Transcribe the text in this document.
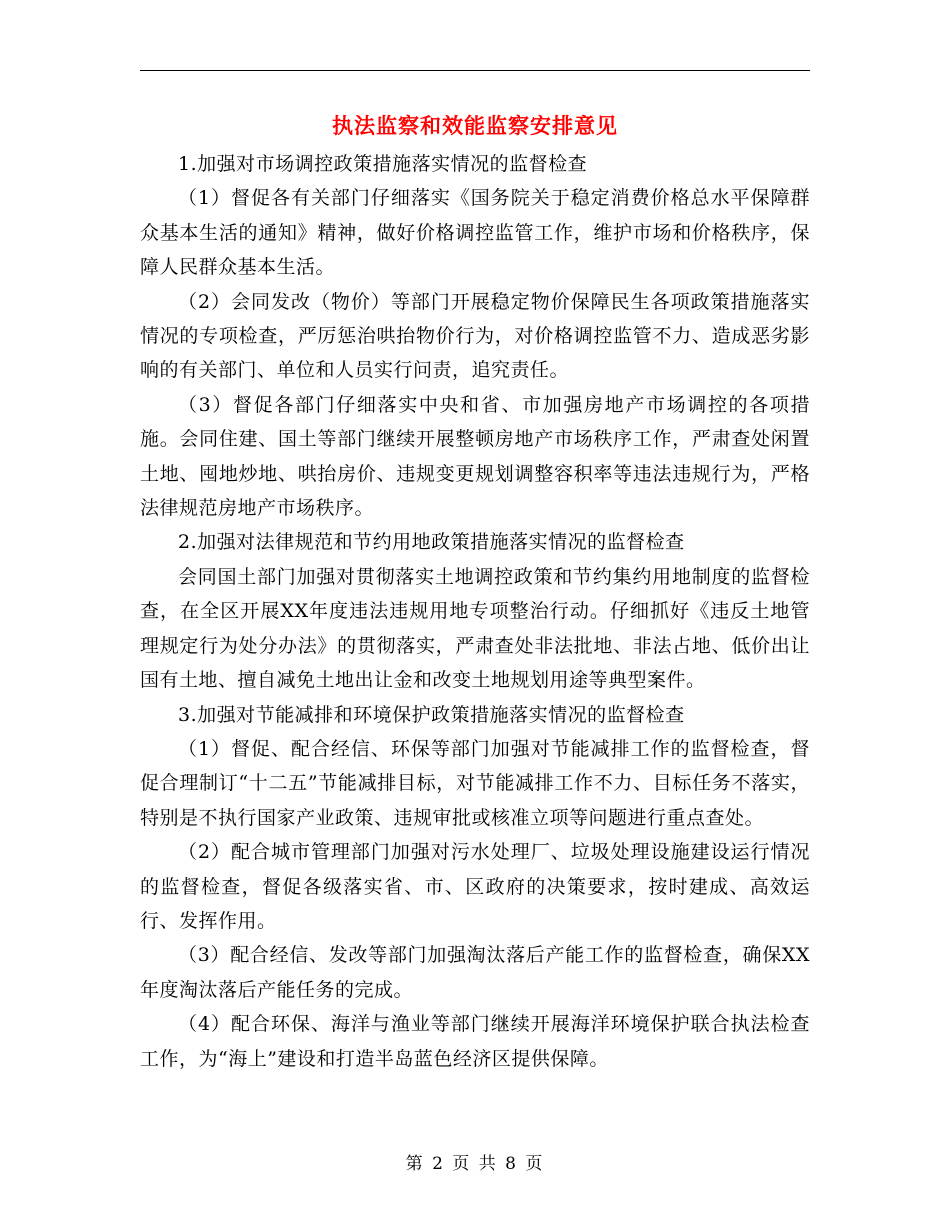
执法监察和效能监察安排意见

1.加强对市场调控政策措施落实情况的监督检查

（1）督促各有关部门仔细落实《国务院关于稳定消费价格总水平保障群众基本生活的通知》精神，做好价格调控监管工作，维护市场和价格秩序，保障人民群众基本生活。

（2）会同发改（物价）等部门开展稳定物价保障民生各项政策措施落实情况的专项检查，严厉惩治哄抬物价行为，对价格调控监管不力、造成恶劣影响的有关部门、单位和人员实行问责，追究责任。

（3）督促各部门仔细落实中央和省、市加强房地产市场调控的各项措施。会同住建、国土等部门继续开展整顿房地产市场秩序工作，严肃查处闲置土地、囤地炒地、哄抬房价、违规变更规划调整容积率等违法违规行为，严格法律规范房地产市场秩序。

2.加强对法律规范和节约用地政策措施落实情况的监督检查

会同国土部门加强对贯彻落实土地调控政策和节约集约用地制度的监督检查，在全区开展XX年度违法违规用地专项整治行动。仔细抓好《违反土地管理规定行为处分办法》的贯彻落实，严肃查处非法批地、非法占地、低价出让国有土地、擅自减免土地出让金和改变土地规划用途等典型案件。

3.加强对节能减排和环境保护政策措施落实情况的监督检查

（1）督促、配合经信、环保等部门加强对节能减排工作的监督检查，督促合理制订“十二五”节能减排目标，对节能减排工作不力、目标任务不落实，特别是不执行国家产业政策、违规审批或核准立项等问题进行重点查处。

（2）配合城市管理部门加强对污水处理厂、垃圾处理设施建设运行情况的监督检查，督促各级落实省、市、区政府的决策要求，按时建成、高效运行、发挥作用。

（3）配合经信、发改等部门加强淘汰落后产能工作的监督检查，确保XX年度淘汰落后产能任务的完成。

（4）配合环保、海洋与渔业等部门继续开展海洋环境保护联合执法检查工作，为“海上”建设和打造半岛蓝色经济区提供保障。

第 2 页 共 8 页
